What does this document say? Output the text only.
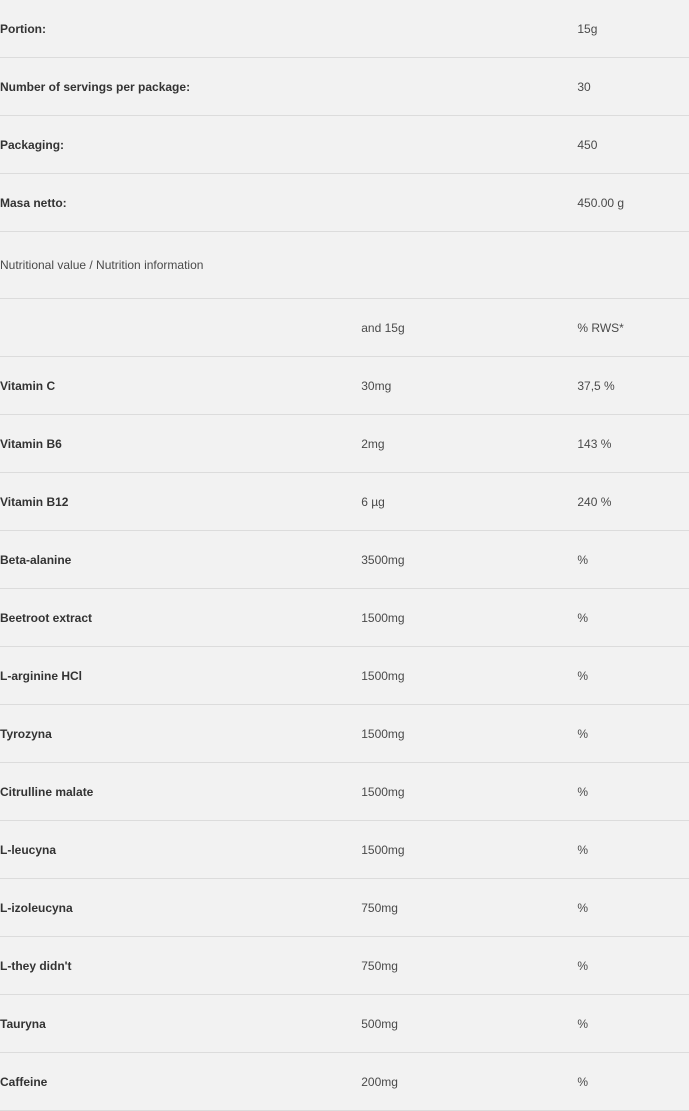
Portion:		15g
Number of servings per package:		30
Packaging:		450
Masa netto:		450.00 g
Nutritional value / Nutrition information		
	and 15g	% RWS*
Vitamin C	30mg	37,5 %
Vitamin B6	2mg	143 %
Vitamin B12	6 µg	240 %
Beta-alanine	3500mg	%
Beetroot extract	1500mg	%
L-arginine HCl	1500mg	%
Tyrozyna	1500mg	%
Citrulline malate	1500mg	%
L-leucyna	1500mg	%
L-izoleucyna	750mg	%
L-they didn't	750mg	%
Tauryna	500mg	%
Caffeine	200mg	%
